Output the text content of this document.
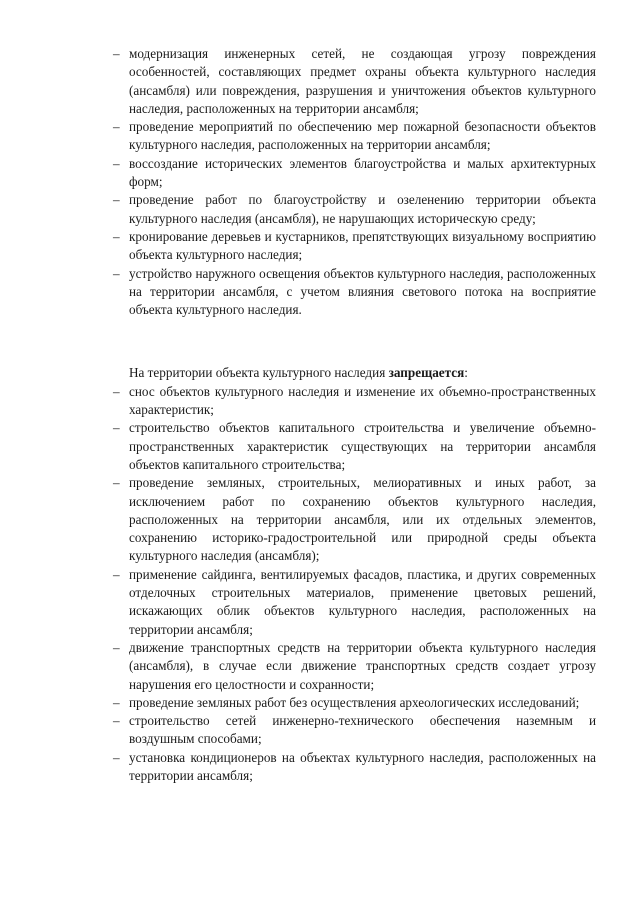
– модернизация инженерных сетей, не создающая угрозу повреждения особенностей, составляющих предмет охраны объекта культурного наследия (ансамбля) или повреждения, разрушения и уничтожения объектов культурного наследия, расположенных на территории ансамбля;
– проведение мероприятий по обеспечению мер пожарной безопасности объектов культурного наследия, расположенных на территории ансамбля;
– воссоздание исторических элементов благоустройства и малых архитектурных форм;
– проведение работ по благоустройству и озеленению территории объекта культурного наследия (ансамбля), не нарушающих историческую среду;
– кронирование деревьев и кустарников, препятствующих визуальному восприятию объекта культурного наследия;
– устройство наружного освещения объектов культурного наследия, расположенных на территории ансамбля, с учетом влияния светового потока на восприятие объекта культурного наследия.

На территории объекта культурного наследия запрещается:

– снос объектов культурного наследия и изменение их объемно-пространственных характеристик;
– строительство объектов капитального строительства и увеличение объемно-пространственных характеристик существующих на территории ансамбля объектов капитального строительства;
– проведение земляных, строительных, мелиоративных и иных работ, за исключением работ по сохранению объектов культурного наследия, расположенных на территории ансамбля, или их отдельных элементов, сохранению историко-градостроительной или природной среды объекта культурного наследия (ансамбля);
– применение сайдинга, вентилируемых фасадов, пластика, и других современных отделочных строительных материалов, применение цветовых решений, искажающих облик объектов культурного наследия, расположенных на территории ансамбля;
– движение транспортных средств на территории объекта культурного наследия (ансамбля), в случае если движение транспортных средств создает угрозу нарушения его целостности и сохранности;
– проведение земляных работ без осуществления археологических исследований;
– строительство сетей инженерно-технического обеспечения наземным и воздушным способами;
– установка кондиционеров на объектах культурного наследия, расположенных на территории ансамбля;
